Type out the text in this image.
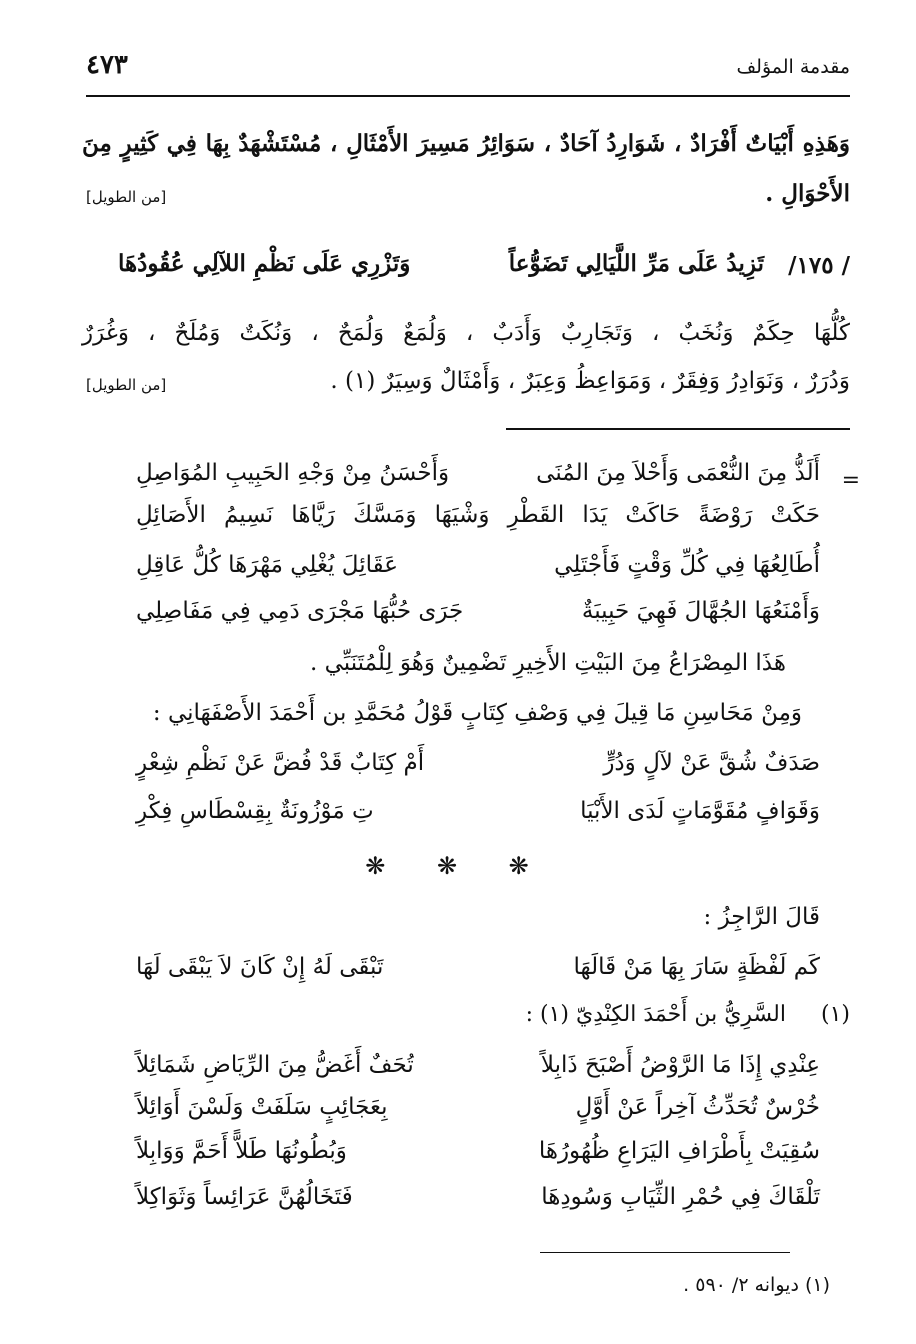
مقدمة المؤلف
٤٧٣
وَهَذِهِ أَبْيَاتٌ أَفْرَادٌ ، شَوَارِدُ آحَادٌ ، سَوَائِرُ مَسِيرَ الأَمْثَالِ ، مُسْتَشْهَدٌ بِهَا فِي كَثِيرٍ مِنَ
الأَحْوَالِ .
[من الطويل]
/ ١٧٥/
تَزِيدُ عَلَى مَرِّ اللَّيَالِي تَضَوُّعاً
وَتَزْرِي عَلَى نَظْمِ اللآلِي عُقُودُهَا
كُلُّهَا حِكَمٌ وَنُخَبٌ ، وَتَجَارِبٌ وَأَدَبٌ ، وَلُمَعٌ وَلُمَحٌ ، وَنُكَتٌ وَمُلَحٌ ، وَغُرَرٌ
وَدُرَرٌ ، وَنَوَادِرُ وَفِقَرٌ ، وَمَوَاعِظُ وَعِبَرٌ ، وَأَمْثَالٌ وَسِيَرٌ (١) .
[من الطويل]
=
أَلَذُّ مِنَ النُّعْمَى وَأَحْلاَ مِنَ المُنَى
وَأَحْسَنُ مِنْ وَجْهِ الحَبِيبِ المُوَاصِلِ
حَكَتْ رَوْضَةً حَاكَتْ يَدَا القَطْرِ وَشْيَهَا وَمَسَّكَ رَيَّاهَا نَسِيمُ الأَصَائِلِ
أُطَالِعُهَا فِي كُلِّ وَقْتٍ فَأَجْتَلِي
عَقَائِلَ يُغْلِي مَهْرَهَا كُلُّ عَاقِلِ
وَأَمْنَعُهَا الجُهَّالَ فَهِيَ حَبِيبَةٌ
جَرَى حُبُّهَا مَجْرَى دَمِي فِي مَفَاصِلِي
هَذَا المِصْرَاعُ مِنَ البَيْتِ الأَخِيرِ تَضْمِينٌ وَهُوَ لِلْمُتَنَبِّي .
وَمِنْ مَحَاسِنِ مَا قِيلَ فِي وَصْفِ كِتَابٍ قَوْلُ مُحَمَّدِ بن أَحْمَدَ الأَصْفَهَانِي :
أَمْ كِتَابٌ قَدْ فُضَّ عَنْ نَظْمِ شِعْرٍ	صَدَفٌ شُقَّ عَنْ لآلٍ وَدُرٍّ
تِ مَوْزُونَةٌ بِقِسْطَاسِ فِكْرِ	وَقَوَافٍ مُقَوَّمَاتٍ لَدَى الأَبْيَا
❋ ❋ ❋
قَالَ الرَّاجِزُ :
كَم لَفْظَةٍ سَارَ بِهَا مَنْ قَالَهَا
تَبْقَى لَهُ إِنْ كَانَ لاَ يَبْقَى لَهَا
(١)
السَّرِيُّ بن أَحْمَدَ الكِنْدِيّ (١) :
عِنْدِي إِذَا مَا الرَّوْضُ أَصْبَحَ ذَابِلاً
تُحَفٌ أَغَضُّ مِنَ الرِّيَاضِ شَمَائِلاً
خُرْسٌ تُحَدِّثُ آخِراً عَنْ أَوَّلٍ
بِعَجَائِبٍ سَلَفَتْ وَلَسْنَ أَوَائِلاً
سُقِيَتْ بِأَطْرَافِ اليَرَاعِ ظُهُورُهَا
وَبُطُونُهَا طَلاًّ أَحَمَّ وَوَابِلاً
تَلْقَاكَ فِي حُمْرِ الثِّيَابِ وَسُودِهَا
فَتَخَالُهُنَّ عَرَائِساً وَثَوَاكِلاً
(١) ديوانه ٢/ ٥٩٠ .
